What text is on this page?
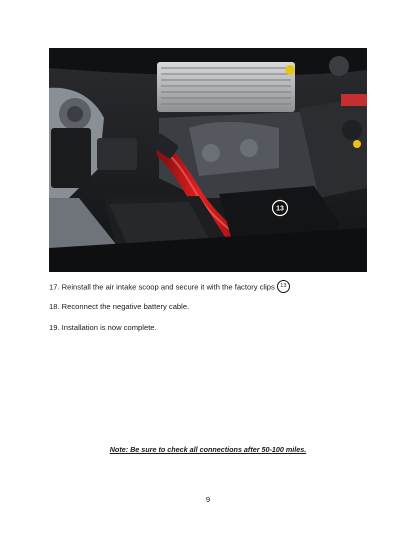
13
17. Reinstall the air intake scoop and secure it with the factory clips 13
18. Reconnect the negative battery cable.
19. Installation is now complete.
Note: Be sure to check all connections after 50-100 miles.
9
